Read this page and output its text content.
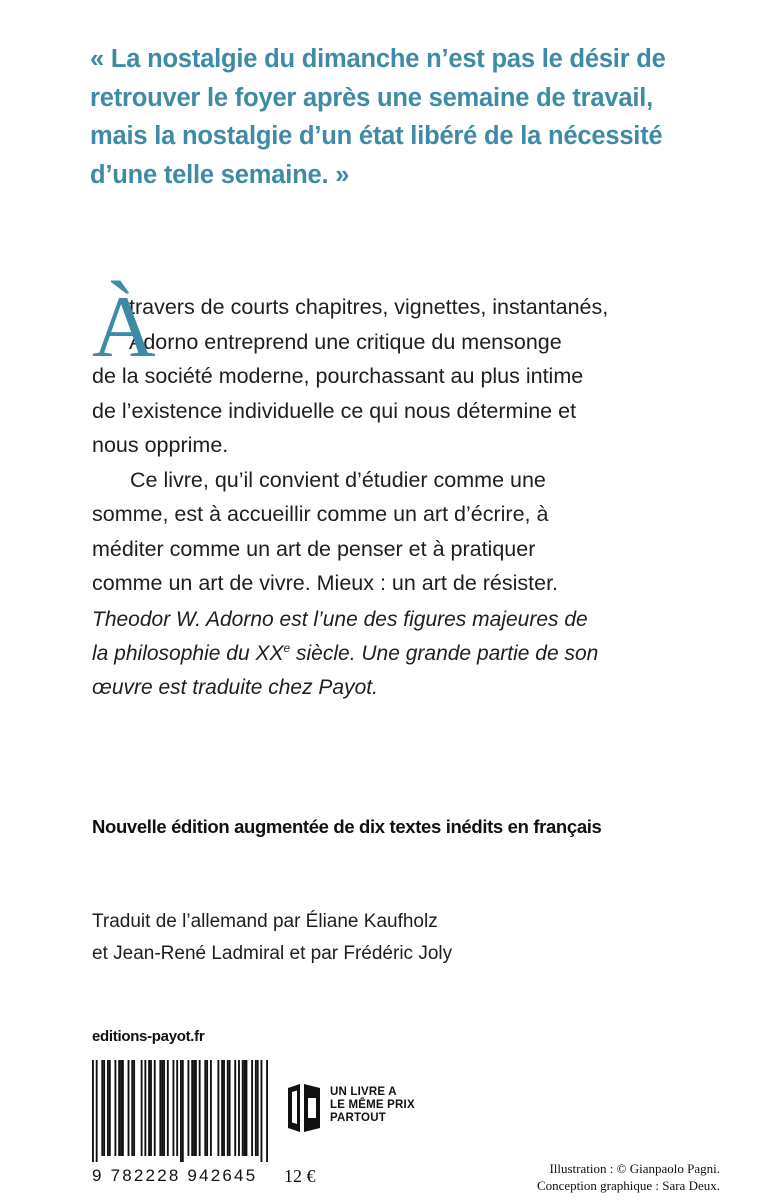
« La nostalgie du dimanche n’est pas le désir de
retrouver le foyer après une semaine de travail,
mais la nostalgie d’un état libéré de la nécessité
d’une telle semaine. »
À
travers de courts chapitres, vignettes, instantanés,
Adorno entreprend une critique du mensonge
de la société moderne, pourchassant au plus intime
de l’existence individuelle ce qui nous détermine et
nous opprime.
Ce livre, qu’il convient d’étudier comme une
somme, est à accueillir comme un art d’écrire, à
méditer comme un art de penser et à pratiquer
comme un art de vivre. Mieux : un art de résister.
Theodor W. Adorno est l’une des figures majeures de
la philosophie du XXe siècle. Une grande partie de son
œuvre est traduite chez Payot.
Nouvelle édition augmentée de dix textes inédits en français
Traduit de l’allemand par Éliane Kaufholz
et Jean-René Ladmiral et par Frédéric Joly
editions-payot.fr
9 782228 942645 12 €
UN LIVRE A
LE MÊME PRIX
PARTOUT
Illustration : © Gianpaolo Pagni.
Conception graphique : Sara Deux.
